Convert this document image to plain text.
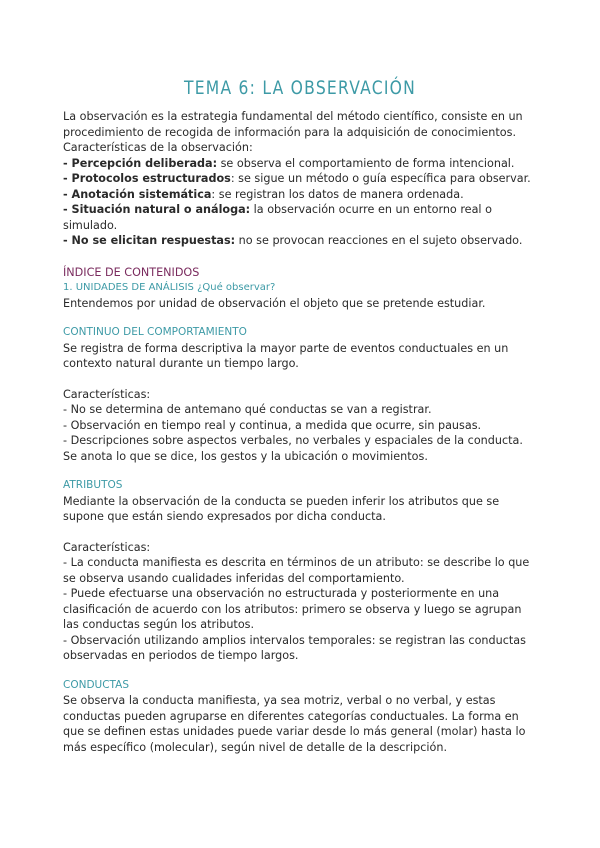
TEMA 6: LA OBSERVACIÓN

La observación es la estrategia fundamental del método científico, consiste en un procedimiento de recogida de información para la adquisición de conocimientos. Características de la observación:

- Percepción deliberada: se observa el comportamiento de forma intencional.

- Protocolos estructurados: se sigue un método o guía específica para observar.

- Anotación sistemática: se registran los datos de manera ordenada.

- Situación natural o análoga: la observación ocurre en un entorno real o simulado.

- No se elicitan respuestas: no se provocan reacciones en el sujeto observado.

ÍNDICE DE CONTENIDOS

1. UNIDADES DE ANÁLISIS ¿Qué observar?

Entendemos por unidad de observación el objeto que se pretende estudiar.

CONTINUO DEL COMPORTAMIENTO

Se registra de forma descriptiva la mayor parte de eventos conductuales en un contexto natural durante un tiempo largo.

Características:

- No se determina de antemano qué conductas se van a registrar.

- Observación en tiempo real y continua, a medida que ocurre, sin pausas.

- Descripciones sobre aspectos verbales, no verbales y espaciales de la conducta. Se anota lo que se dice, los gestos y la ubicación o movimientos.

ATRIBUTOS

Mediante la observación de la conducta se pueden inferir los atributos que se supone que están siendo expresados por dicha conducta.

Características:

- La conducta manifiesta es descrita en términos de un atributo: se describe lo que se observa usando cualidades inferidas del comportamiento.

- Puede efectuarse una observación no estructurada y posteriormente en una clasificación de acuerdo con los atributos: primero se observa y luego se agrupan las conductas según los atributos.

- Observación utilizando amplios intervalos temporales: se registran las conductas observadas en periodos de tiempo largos.

CONDUCTAS

Se observa la conducta manifiesta, ya sea motriz, verbal o no verbal, y estas conductas pueden agruparse en diferentes categorías conductuales. La forma en que se definen estas unidades puede variar desde lo más general (molar) hasta lo más específico (molecular), según nivel de detalle de la descripción.
